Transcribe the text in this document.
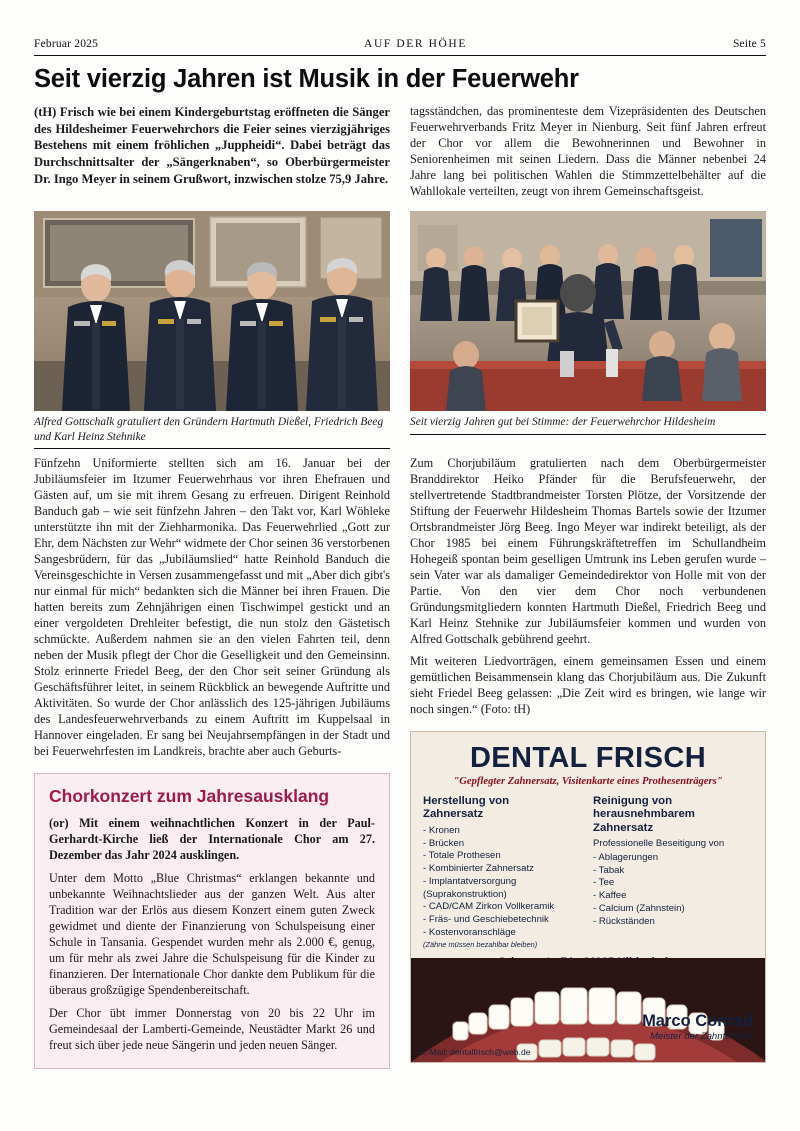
Februar 2025	AUF DER HÖHE	Seite 5
Seit vierzig Jahren ist Musik in der Feuerwehr

(tH) Frisch wie bei einem Kindergeburtstag eröffneten die Sänger des Hildesheimer Feuerwehrchors die Feier seines vierzigjähriges Bestehens mit einem fröhlichen „Juppheidi“. Dabei beträgt das Durchschnittsalter der „Sängerknaben“, so Oberbürgermeister Dr. Ingo Meyer in seinem Grußwort, inzwischen stolze 75,9 Jahre.

tagsständchen, das prominenteste dem Vizepräsidenten des Deutschen Feuerwehrverbands Fritz Meyer in Nienburg. Seit fünf Jahren erfreut der Chor vor allem die Bewohnerinnen und Bewohner in Seniorenheimen mit seinen Liedern. Dass die Männer nebenbei 24 Jahre lang bei politischen Wahlen die Stimmzettelbehälter auf die Wahllokale verteilten, zeugt von ihrem Gemeinschaftsgeist.

Alfred Gottschalk gratuliert den Gründern Hartmuth Dießel, Friedrich Beeg und Karl Heinz Stehnike
Seit vierzig Jahren gut bei Stimme: der Feuerwehrchor Hildesheim

Fünfzehn Uniformierte stellten sich am 16. Januar bei der Jubiläumsfeier im Itzumer Feuerwehrhaus vor ihren Ehefrauen und Gästen auf, um sie mit ihrem Gesang zu erfreuen. Dirigent Reinhold Banduch gab – wie seit fünfzehn Jahren – den Takt vor, Karl Wöhleke unterstützte ihn mit der Ziehharmonika. Das Feuerwehrlied „Gott zur Ehr, dem Nächsten zur Wehr“ widmete der Chor seinen 36 verstorbenen Sangesbrüdern, für das „Jubiläumslied“ hatte Reinhold Banduch die Vereinsgeschichte in Versen zusammengefasst und mit „Aber dich gibt's nur einmal für mich“ bedankten sich die Männer bei ihren Frauen. Die hatten bereits zum Zehnjährigen einen Tischwimpel gestickt und an einer vergoldeten Drehleiter befestigt, die nun stolz den Gästetisch schmückte. Außerdem nahmen sie an den vielen Fahrten teil, denn neben der Musik pflegt der Chor die Geselligkeit und den Gemeinsinn. Stolz erinnerte Friedel Beeg, der den Chor seit seiner Gründung als Geschäftsführer leitet, in seinem Rückblick an bewegende Auftritte und Aktivitäten. So wurde der Chor anlässlich des 125-jährigen Jubiläums des Landesfeuerwehrverbands zu einem Auftritt im Kuppelsaal in Hannover eingeladen. Er sang bei Neujahrsempfängen in der Stadt und bei Feuerwehrfesten im Landkreis, brachte aber auch Geburts-

Chorkonzert zum Jahresausklang

(or) Mit einem weihnachtlichen Konzert in der Paul-Gerhardt-Kirche ließ der Internationale Chor am 27. Dezember das Jahr 2024 ausklingen.

Unter dem Motto „Blue Christmas“ erklangen bekannte und unbekannte Weihnachtslieder aus der ganzen Welt. Aus alter Tradition war der Erlös aus diesem Konzert einem guten Zweck gewidmet und diente der Finanzierung von Schulspeisung einer Schule in Tansania. Gespendet wurden mehr als 2.000 €, genug, um für mehr als zwei Jahre die Schulspeisung für die Kinder zu finanzieren. Der Internationale Chor dankte dem Publikum für die überaus großzügige Spendenbereitschaft.

Der Chor übt immer Donnerstag von 20 bis 22 Uhr im Gemeindesaal der Lamberti-Gemeinde, Neustädter Markt 26 und freut sich über jede neue Sängerin und jeden neuen Sänger.

Zum Chorjubiläum gratulierten nach dem Oberbürgermeister Branddirektor Heiko Pfänder für die Berufsfeuerwehr, der stellvertretende Stadtbrandmeister Torsten Plötze, der Vorsitzende der Stiftung der Feuerwehr Hildesheim Thomas Bartels sowie der Itzumer Ortsbrandmeister Jörg Beeg. Ingo Meyer war indirekt beteiligt, als der Chor 1985 bei einem Führungskräftetreffen im Schullandheim Hohegeiß spontan beim geselligen Umtrunk ins Leben gerufen wurde – sein Vater war als damaliger Gemeindedirektor von Holle mit von der Partie. Von den vier dem Chor noch verbundenen Gründungsmitgliedern konnten Hartmuth Dießel, Friedrich Beeg und Karl Heinz Stehnike zur Jubiläumsfeier kommen und wurden von Alfred Gottschalk gebührend geehrt.

Mit weiteren Liedvorträgen, einem gemeinsamen Essen und einem gemütlichen Beisammensein klang das Chorjubiläum aus. Die Zukunft sieht Friedel Beeg gelassen: „Die Zeit wird es bringen, wie lange wir noch singen.“ (Foto: tH)

DENTAL FRISCH
"Gepflegter Zahnersatz, Visitenkarte eines Prothesenträgers"
Herstellung von
Zahnersatz
- Kronen
- Brücken
- Totale Prothesen
- Kombinierter Zahnersatz
- Implantatversorgung
(Suprakonstruktion)
- CAD/CAM Zirkon Vollkeramik
- Fräs- und Geschiebetechnik
- Kostenvoranschläge
(Zähne müssen bezahlbar bleiben)
Reinigung von
herausnehmbarem Zahnersatz
Professionelle Beseitigung von
- Ablagerungen
- Tabak
- Tee
- Kaffee
- Calcium (Zahnstein)
- Rückständen
E-Mail: dentalfrisch@web.de
Marco Conrad
Meister der Zahntechnik
